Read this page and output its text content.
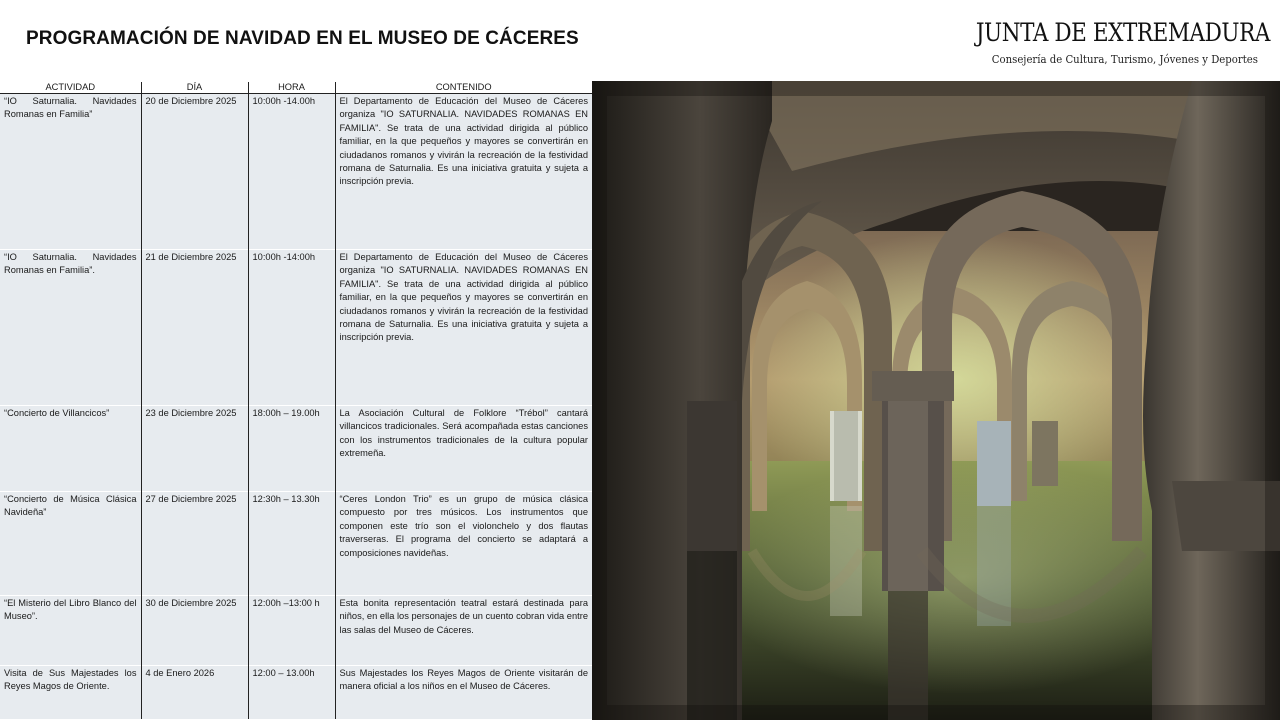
PROGRAMACIÓN DE NAVIDAD EN EL MUSEO DE CÁCERES	JUNTA DE EXTREMADURA
Consejería de Cultura, Turismo, Jóvenes y Deportes
ACTIVIDAD	DÍA	HORA	CONTENIDO
“IO Saturnalia. Navidades Romanas en Familia”	20 de Diciembre 2025	10:00h -14.00h	El Departamento de Educación del Museo de Cáceres organiza "IO SATURNALIA. NAVIDADES ROMANAS EN FAMILIA". Se trata de una actividad dirigida al público familiar, en la que pequeños y mayores se convertirán en ciudadanos romanos y vivirán la recreación de la festividad romana de Saturnalia. Es una iniciativa gratuita y sujeta a inscripción previa.
“IO Saturnalia. Navidades Romanas en Familia”.	21 de Diciembre 2025	10:00h -14:00h	El Departamento de Educación del Museo de Cáceres organiza "IO SATURNALIA. NAVIDADES ROMANAS EN FAMILIA". Se trata de una actividad dirigida al público familiar, en la que pequeños y mayores se convertirán en ciudadanos romanos y vivirán la recreación de la festividad romana de Saturnalia. Es una iniciativa gratuita y sujeta a inscripción previa.
“Concierto de Villancicos”	23 de Diciembre 2025	18:00h – 19.00h	La Asociación Cultural de Folklore “Trébol” cantará villancicos tradicionales. Será acompañada estas canciones con los instrumentos tradicionales de la cultura popular extremeña.
“Concierto de Música Clásica Navideña”	27 de Diciembre 2025	12:30h – 13.30h	“Ceres London Trio” es un grupo de música clásica compuesto por tres músicos. Los instrumentos que componen este trío son el violonchelo y dos flautas traverseras. El programa del concierto se adaptará a composiciones navideñas.
“El Misterio del Libro Blanco del Museo”.	30 de Diciembre 2025	12:00h –13:00 h	Esta bonita representación teatral estará destinada para niños, en ella los personajes de un cuento cobran vida entre las salas del Museo de Cáceres.
Visita de Sus Majestades los Reyes Magos de Oriente.	4 de Enero 2026	12:00 – 13.00h	Sus Majestades los Reyes Magos de Oriente visitarán de manera oficial a los niños en el Museo de Cáceres.
